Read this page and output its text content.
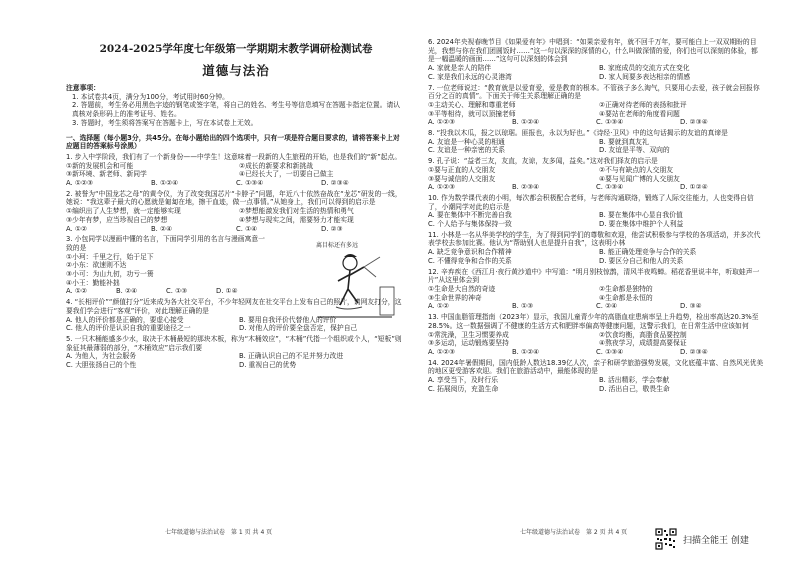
2024-2025学年度七年级第一学期期末教学调研检测试卷
道德与法治
注意事项：
1. 本试卷共4页，满分为100分，考试用时60分钟。
2. 答题前，考生务必用黑色字迹的钢笔或签字笔，将自己的姓名、考生号等信息填写在答题卡指定位置。请认真核对条形码上的准考证号、姓名。
3. 答题时，考生须将答案写在答题卡上，写在本试卷上无效。
一、选择题（每小题3分，共45分。在每小题给出的四个选项中，只有一项是符合题目要求的，请将答案卡上对应题目的答案标号涂黑）
1. 步入中学阶段，我们有了一个新身份——中学生！这意味着一段新的人生旅程的开始，也是我们的“新”起点。
①新的发展机会和可能	②成长的新要求和新挑战
③新环境、新老师、新同学	④已经长大了，一切要自己做主
A. ①②③	B. ①②④	C. ①③④	D. ②③④
2. 被誉为“中国龙芯之母”的黄令仪，为了改变我国芯片“卡脖子”问题，年近八十依然奋战在“龙芯”研发的一线，她说：“我这辈子最大的心愿就是匍匐在地，擦干血迹，做一点事情。”从她身上，我们可以得到的启示是
①编织出了人生梦想，就一定能够实现	②梦想能激发我们对生活的热情和勇气
③少年有梦，应当珍视自己的梦想	④梦想与现实之间，需要努力才能实现
A. ①②	B. ②④	C. ①④	D. ②③
3. 小包同学以漫画中懂的名言，下面同学引用的名言与漫画寓意一致的是
①小珂：千里之行，始于足下
②小东：欲速则不达
③小可：为山九仞，功亏一篑
④小王：勤能补拙
A. ①②	B. ②④	C. ①③	D. ①④
离目标还有多远
4. “长相评价”“颜值打分”近来成为各大社交平台，不少年轻网友在社交平台上发布自己的照片，请网友打分，这要我们学会进行“客观”评价，对此理解正确的是
A. 他人的评价都是正确的，要虚心接受	B. 要用自我评价代替他人的评价
C. 他人的评价是认识自我的重要途径之一	D. 对他人的评价要全盘否定，保护自己
5. 一只木桶能盛多少水，取决于木桶最短的那块木板，称为“木桶效应”，“木桶”代指一个组织或个人，“短板”则象征其最薄弱的部分，“木桶效应”启示我们要
A. 为他人，为社会服务	B. 正确认识自己的不足并努力改进
C. 大胆张扬自己的个性	D. 重视自己的优势
6. 2024年央视春晚节目《如果爱有年》中唱到：“如果亲爱有年，就不回千万年，要可能白上一双双期盼的目光，我想与你在我们团圆饭时……”这一句以深深的深情的心，什么叫做深情的爱，你们也可以深刻的体验，都是一幅温暖的画面……”这句可以深刻的体会到
A. 家就是亲人的陪伴	B. 家庭成员的交流方式在变化
C. 家是我们永远的心灵港湾	D. 家人间要多表达相亲的情感
7. 一位老师说过：“教育就是以爱育爱，爱是教育的根本。不管孩子多么淘气，只要用心去爱，孩子就会回报你百分之百的真情”。下面关于师生关系理解正确的是
①主动关心、理解和尊重老师	②正确对待老师的表扬和批评
③平等相待，就可以顶撞老师	④要站在老师的角度看问题
A. ①②③	B. ①②④	C. ①③④	D. ②③④
8. “投我以木瓜，报之以琼琚。匪报也，永以为好也。”《诗经·卫风》中的这句话揭示的友谊的真谛是
A. 友谊是一种心灵的相通	B. 要就到真友礼
C. 友谊是一种亲密的关系	D. 友谊是平等、双向的
9. 孔子说：“益者三友，友直，友谅，友多闻，益矣。”这对我们择友的启示是
①要与正直的人交朋友	②不与有缺点的人交朋友
③要与诚信的人交朋友	④要与见闻广博的人交朋友
A. ①②③	B. ②③④	C. ①③④	D. ①②④
10. 作为数学课代表的小明，每次都会积极配合老师，与老师沟通联络，锻炼了人际交往能力，人也变得自信了，小潮同学对此的启示是
A. 要在集体中不断完善自我	B. 要在集体中心显自我价值
C. 个人给予与集体保持一致	D. 要在集体中维护个人利益
11. 小林是一名从华美学校的学生，为了得到同学们的尊敬和欢迎，他尝试积极参与学校的各项活动，并多次代表学校去参加比赛。他认为“帮助别人也是提升自我”，这表明小林
A. 缺乏竞争意识和合作精神	B. 能正确处理竞争与合作的关系
C. 不懂得竞争和合作的关系	D. 要区分自己和他人的关系
12. 辛弃疾在《西江月·夜行黄沙道中》中写道：“明月别枝惊鹊，清风半夜鸣蝉。稻花香里说丰年，听取蛙声一片”从这里体会到
①生命是大自然的奇迹	②生命都是独特的
③生命世界的神奇	④生命都是永恒的
A. ①②	B. ①③	C. ②④	D. ③④
13. 中国血脂管理指南（2023年）显示，我国儿童青少年的高脂血症患病率呈上升趋势，检出率高达20.3%至28.5%。这一数据强调了不健康的生活方式和肥胖率偏高等健康问题，这警示我们，在日常生活中应该如何
①常洗澡，卫生习惯要养成	②饮食均衡，高脂食品要控制
③多运动，运动锻炼要坚持	④熬夜学习，成绩提高要保证
A. ①②③	B. ①②④	C. ①③④	D. ②③④
14. 2024年暑假期间，国内低龄人数达18.39亿人次，亲子和研学旅游强势发展，文化底蕴丰富、自然风光优美的地区更受游客欢迎。我们在旅游活动中，最能体现的是
A. 享受当下，及时行乐	B. 活出精彩，学会奉献
C. 拓展阅历，充盈生命	D. 活出自己，敬畏生命
七年级道德与法治试卷　第 1 页 共 4 页	七年级道德与法治试卷　第 2 页 共 4 页
扫描全能王 创建
